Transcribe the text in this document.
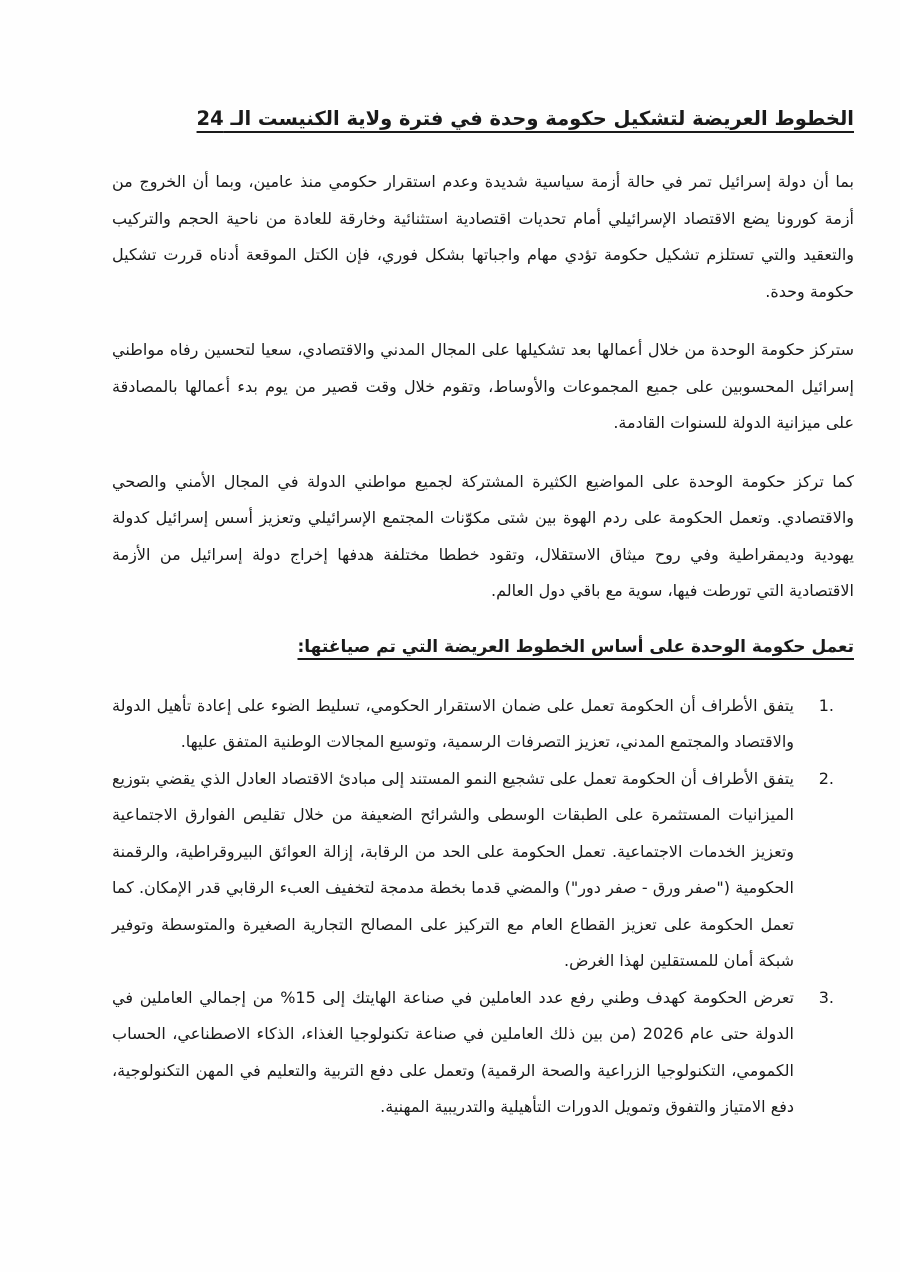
الخطوط العريضة لتشكيل حكومة وحدة في فترة ولاية الكنيست الـ 24

بما أن دولة إسرائيل تمر في حالة أزمة سياسية شديدة وعدم استقرار حكومي منذ عامين، وبما أن الخروج من أزمة كورونا يضع الاقتصاد الإسرائيلي أمام تحديات اقتصادية استثنائية وخارقة للعادة من ناحية الحجم والتركيب والتعقيد والتي تستلزم تشكيل حكومة تؤدي مهام واجباتها بشكل فوري، فإن الكتل الموقعة أدناه قررت تشكيل حكومة وحدة.

ستركز حكومة الوحدة من خلال أعمالها بعد تشكيلها على المجال المدني والاقتصادي، سعيا لتحسين رفاه مواطني إسرائيل المحسوبين على جميع المجموعات والأوساط، وتقوم خلال وقت قصير من يوم بدء أعمالها بالمصادقة على ميزانية الدولة للسنوات القادمة.

كما تركز حكومة الوحدة على المواضيع الكثيرة المشتركة لجميع مواطني الدولة في المجال الأمني والصحي والاقتصادي. وتعمل الحكومة على ردم الهوة بين شتى مكوّنات المجتمع الإسرائيلي وتعزيز أسس إسرائيل كدولة يهودية وديمقراطية وفي روح ميثاق الاستقلال، وتقود خططا مختلفة هدفها إخراج دولة إسرائيل من الأزمة الاقتصادية التي تورطت فيها، سوية مع باقي دول العالم.

تعمل حكومة الوحدة على أساس الخطوط العريضة التي تم صياغتها:
1.
يتفق الأطراف أن الحكومة تعمل على ضمان الاستقرار الحكومي، تسليط الضوء على إعادة تأهيل الدولة والاقتصاد والمجتمع المدني، تعزيز التصرفات الرسمية، وتوسيع المجالات الوطنية المتفق عليها.
2.
يتفق الأطراف أن الحكومة تعمل على تشجيع النمو المستند إلى مبادئ الاقتصاد العادل الذي يقضي بتوزيع الميزانيات المستثمرة على الطبقات الوسطى والشرائح الضعيفة من خلال تقليص الفوارق الاجتماعية وتعزيز الخدمات الاجتماعية. تعمل الحكومة على الحد من الرقابة، إزالة العوائق البيروقراطية، والرقمنة الحكومية ("صفر ورق - صفر دور") والمضي قدما بخطة مدمجة لتخفيف العبء الرقابي قدر الإمكان. كما تعمل الحكومة على تعزيز القطاع العام مع التركيز على المصالح التجارية الصغيرة والمتوسطة وتوفير شبكة أمان للمستقلين لهذا الغرض.
3.
تعرض الحكومة كهدف وطني رفع عدد العاملين في صناعة الهايتك إلى 15% من إجمالي العاملين في الدولة حتى عام 2026 (من بين ذلك العاملين في صناعة تكنولوجيا الغذاء، الذكاء الاصطناعي، الحساب الكمومي، التكنولوجيا الزراعية والصحة الرقمية) وتعمل على دفع التربية والتعليم في المهن التكنولوجية، دفع الامتياز والتفوق وتمويل الدورات التأهيلية والتدريبية المهنية.
